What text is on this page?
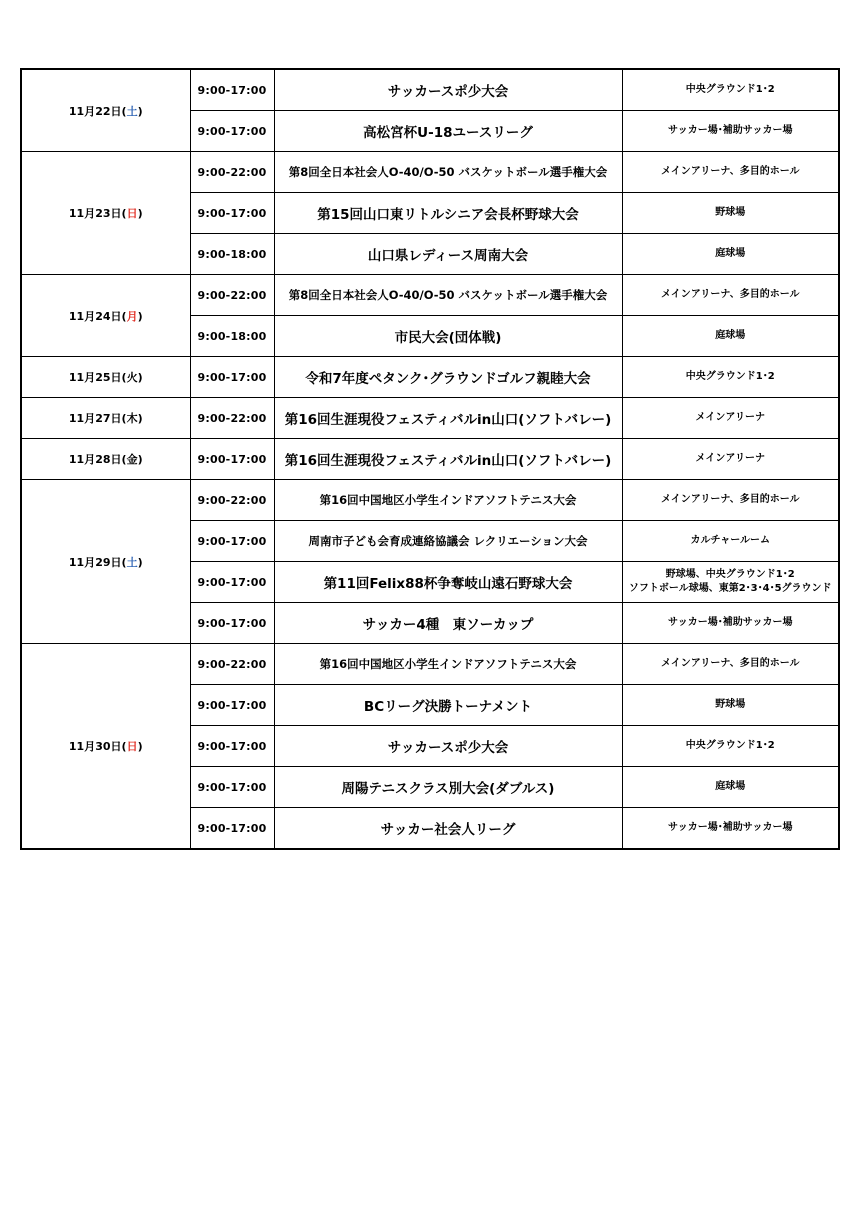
11月22日(土)	9:00-17:00	サッカースポ少大会	中央グラウンド1･2

	9:00-17:00	高松宮杯U-18ユースリーグ	サッカー場･補助サッカー場

11月23日(日)	9:00-22:00	第8回全日本社会人O-40/O-50 バスケットボール選手権大会	メインアリーナ、多目的ホール

	9:00-17:00	第15回山口東リトルシニア会長杯野球大会	野球場

	9:00-18:00	山口県レディース周南大会	庭球場

11月24日(月)	9:00-22:00	第8回全日本社会人O-40/O-50 バスケットボール選手権大会	メインアリーナ、多目的ホール

	9:00-18:00	市民大会(団体戦)	庭球場

11月25日(火)	9:00-17:00	令和7年度ペタンク･グラウンドゴルフ親睦大会	中央グラウンド1･2

11月27日(木)	9:00-22:00	第16回生涯現役フェスティバルin山口(ソフトバレー)	メインアリーナ

11月28日(金)	9:00-17:00	第16回生涯現役フェスティバルin山口(ソフトバレー)	メインアリーナ

11月29日(土)	9:00-22:00	第16回中国地区小学生インドアソフトテニス大会	メインアリーナ、多目的ホール

	9:00-17:00	周南市子ども会育成連絡協議会 レクリエーション大会	カルチャールーム

	9:00-17:00	第11回Felix88杯争奪岐山遠石野球大会	野球場、中央グラウンド1･2
ソフトボール球場、東第2･3･4･5グラウンド

	9:00-17:00	サッカー4種　東ソーカップ	サッカー場･補助サッカー場

11月30日(日)	9:00-22:00	第16回中国地区小学生インドアソフトテニス大会	メインアリーナ、多目的ホール

	9:00-17:00	BCリーグ決勝トーナメント	野球場

	9:00-17:00	サッカースポ少大会	中央グラウンド1･2

	9:00-17:00	周陽テニスクラス別大会(ダブルス)	庭球場

	9:00-17:00	サッカー社会人リーグ	サッカー場･補助サッカー場
